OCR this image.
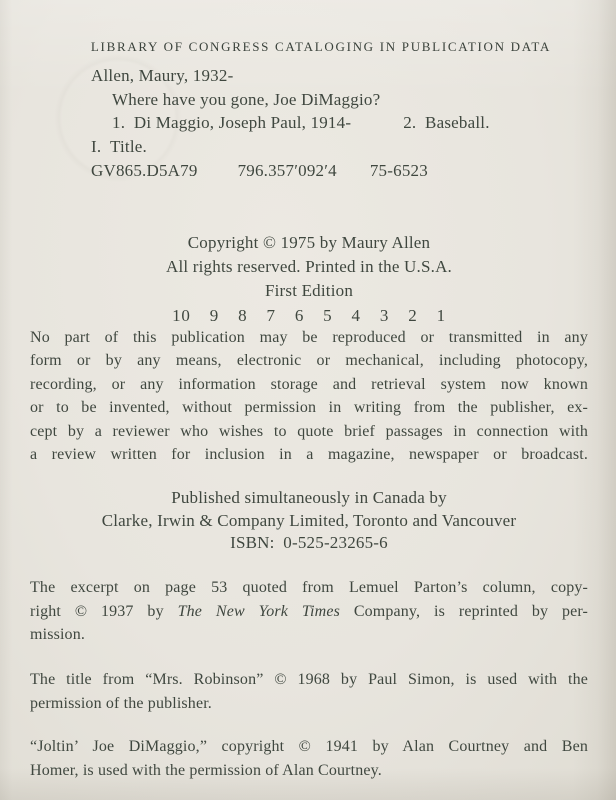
LIBRARY OF CONGRESS CATALOGING IN PUBLICATION DATA
Allen, Maury, 1932-
Where have you gone, Joe DiMaggio?
1. Di Maggio, Joseph Paul, 1914-	2. Baseball.
I. Title.
GV865.D5A79 796.357′092′4 75-6523
Copyright © 1975 by Maury Allen
All rights reserved. Printed in the U.S.A.
First Edition
10 9 8 7 6 5 4 3 2 1
No part of this publication may be reproduced or transmitted in any
form or by any means, electronic or mechanical, including photocopy,
recording, or any information storage and retrieval system now known
or to be invented, without permission in writing from the publisher, ex-
cept by a reviewer who wishes to quote brief passages in connection with
a review written for inclusion in a magazine, newspaper or broadcast.
Published simultaneously in Canada by
Clarke, Irwin & Company Limited, Toronto and Vancouver
ISBN: 0-525-23265-6
The excerpt on page 53 quoted from Lemuel Parton’s column, copy-
right © 1937 by The New York Times Company, is reprinted by per-
mission.
The title from “Mrs. Robinson” © 1968 by Paul Simon, is used with the
permission of the publisher.
“Joltin’ Joe DiMaggio,” copyright © 1941 by Alan Courtney and Ben
Homer, is used with the permission of Alan Courtney.
